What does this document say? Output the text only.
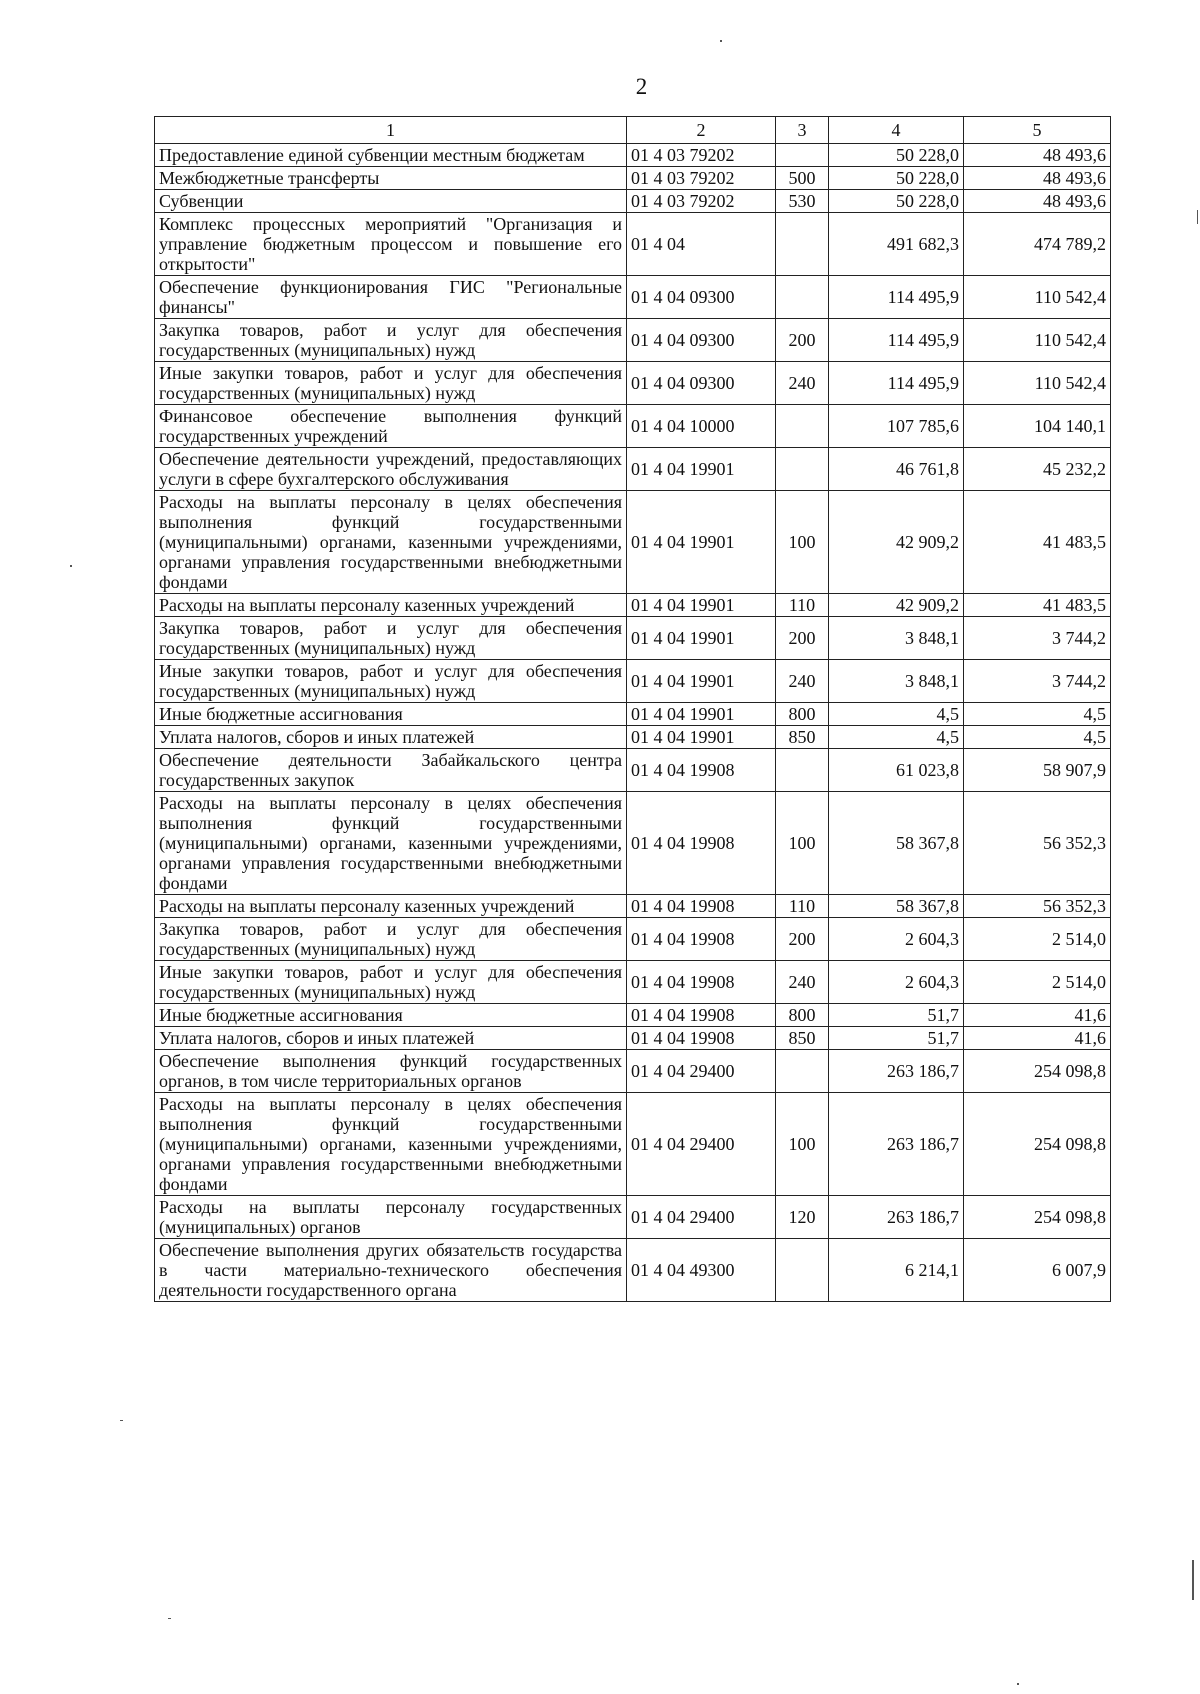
2
1	2	3	4	5
Предоставление единой субвенции местным бюджетам	01 4 03 79202		50 228,0	48 493,6
Межбюджетные трансферты	01 4 03 79202	500	50 228,0	48 493,6
Субвенции	01 4 03 79202	530	50 228,0	48 493,6
Комплекс процессных мероприятий "Организация и управление бюджетным процессом и повышение его открытости"	01 4 04		491 682,3	474 789,2
Обеспечение функционирования ГИС "Региональные финансы"	01 4 04 09300		114 495,9	110 542,4
Закупка товаров, работ и услуг для обеспечения государственных (муниципальных) нужд	01 4 04 09300	200	114 495,9	110 542,4
Иные закупки товаров, работ и услуг для обеспечения государственных (муниципальных) нужд	01 4 04 09300	240	114 495,9	110 542,4
Финансовое обеспечение выполнения функций государственных учреждений	01 4 04 10000		107 785,6	104 140,1
Обеспечение деятельности учреждений, предоставляющих услуги в сфере бухгалтерского обслуживания	01 4 04 19901		46 761,8	45 232,2
Расходы на выплаты персоналу в целях обеспечения выполнения функций государственными (муниципальными) органами, казенными учреждениями, органами управления государственными внебюджетными фондами	01 4 04 19901	100	42 909,2	41 483,5
Расходы на выплаты персоналу казенных учреждений	01 4 04 19901	110	42 909,2	41 483,5
Закупка товаров, работ и услуг для обеспечения государственных (муниципальных) нужд	01 4 04 19901	200	3 848,1	3 744,2
Иные закупки товаров, работ и услуг для обеспечения государственных (муниципальных) нужд	01 4 04 19901	240	3 848,1	3 744,2
Иные бюджетные ассигнования	01 4 04 19901	800	4,5	4,5
Уплата налогов, сборов и иных платежей	01 4 04 19901	850	4,5	4,5
Обеспечение деятельности Забайкальского центра государственных закупок	01 4 04 19908		61 023,8	58 907,9
Расходы на выплаты персоналу в целях обеспечения выполнения функций государственными (муниципальными) органами, казенными учреждениями, органами управления государственными внебюджетными фондами	01 4 04 19908	100	58 367,8	56 352,3
Расходы на выплаты персоналу казенных учреждений	01 4 04 19908	110	58 367,8	56 352,3
Закупка товаров, работ и услуг для обеспечения государственных (муниципальных) нужд	01 4 04 19908	200	2 604,3	2 514,0
Иные закупки товаров, работ и услуг для обеспечения государственных (муниципальных) нужд	01 4 04 19908	240	2 604,3	2 514,0
Иные бюджетные ассигнования	01 4 04 19908	800	51,7	41,6
Уплата налогов, сборов и иных платежей	01 4 04 19908	850	51,7	41,6
Обеспечение выполнения функций государственных органов, в том числе территориальных органов	01 4 04 29400		263 186,7	254 098,8
Расходы на выплаты персоналу в целях обеспечения выполнения функций государственными (муниципальными) органами, казенными учреждениями, органами управления государственными внебюджетными фондами	01 4 04 29400	100	263 186,7	254 098,8
Расходы на выплаты персоналу государственных (муниципальных) органов	01 4 04 29400	120	263 186,7	254 098,8
Обеспечение выполнения других обязательств государства в части материально-технического обеспечения деятельности государственного органа	01 4 04 49300		6 214,1	6 007,9
